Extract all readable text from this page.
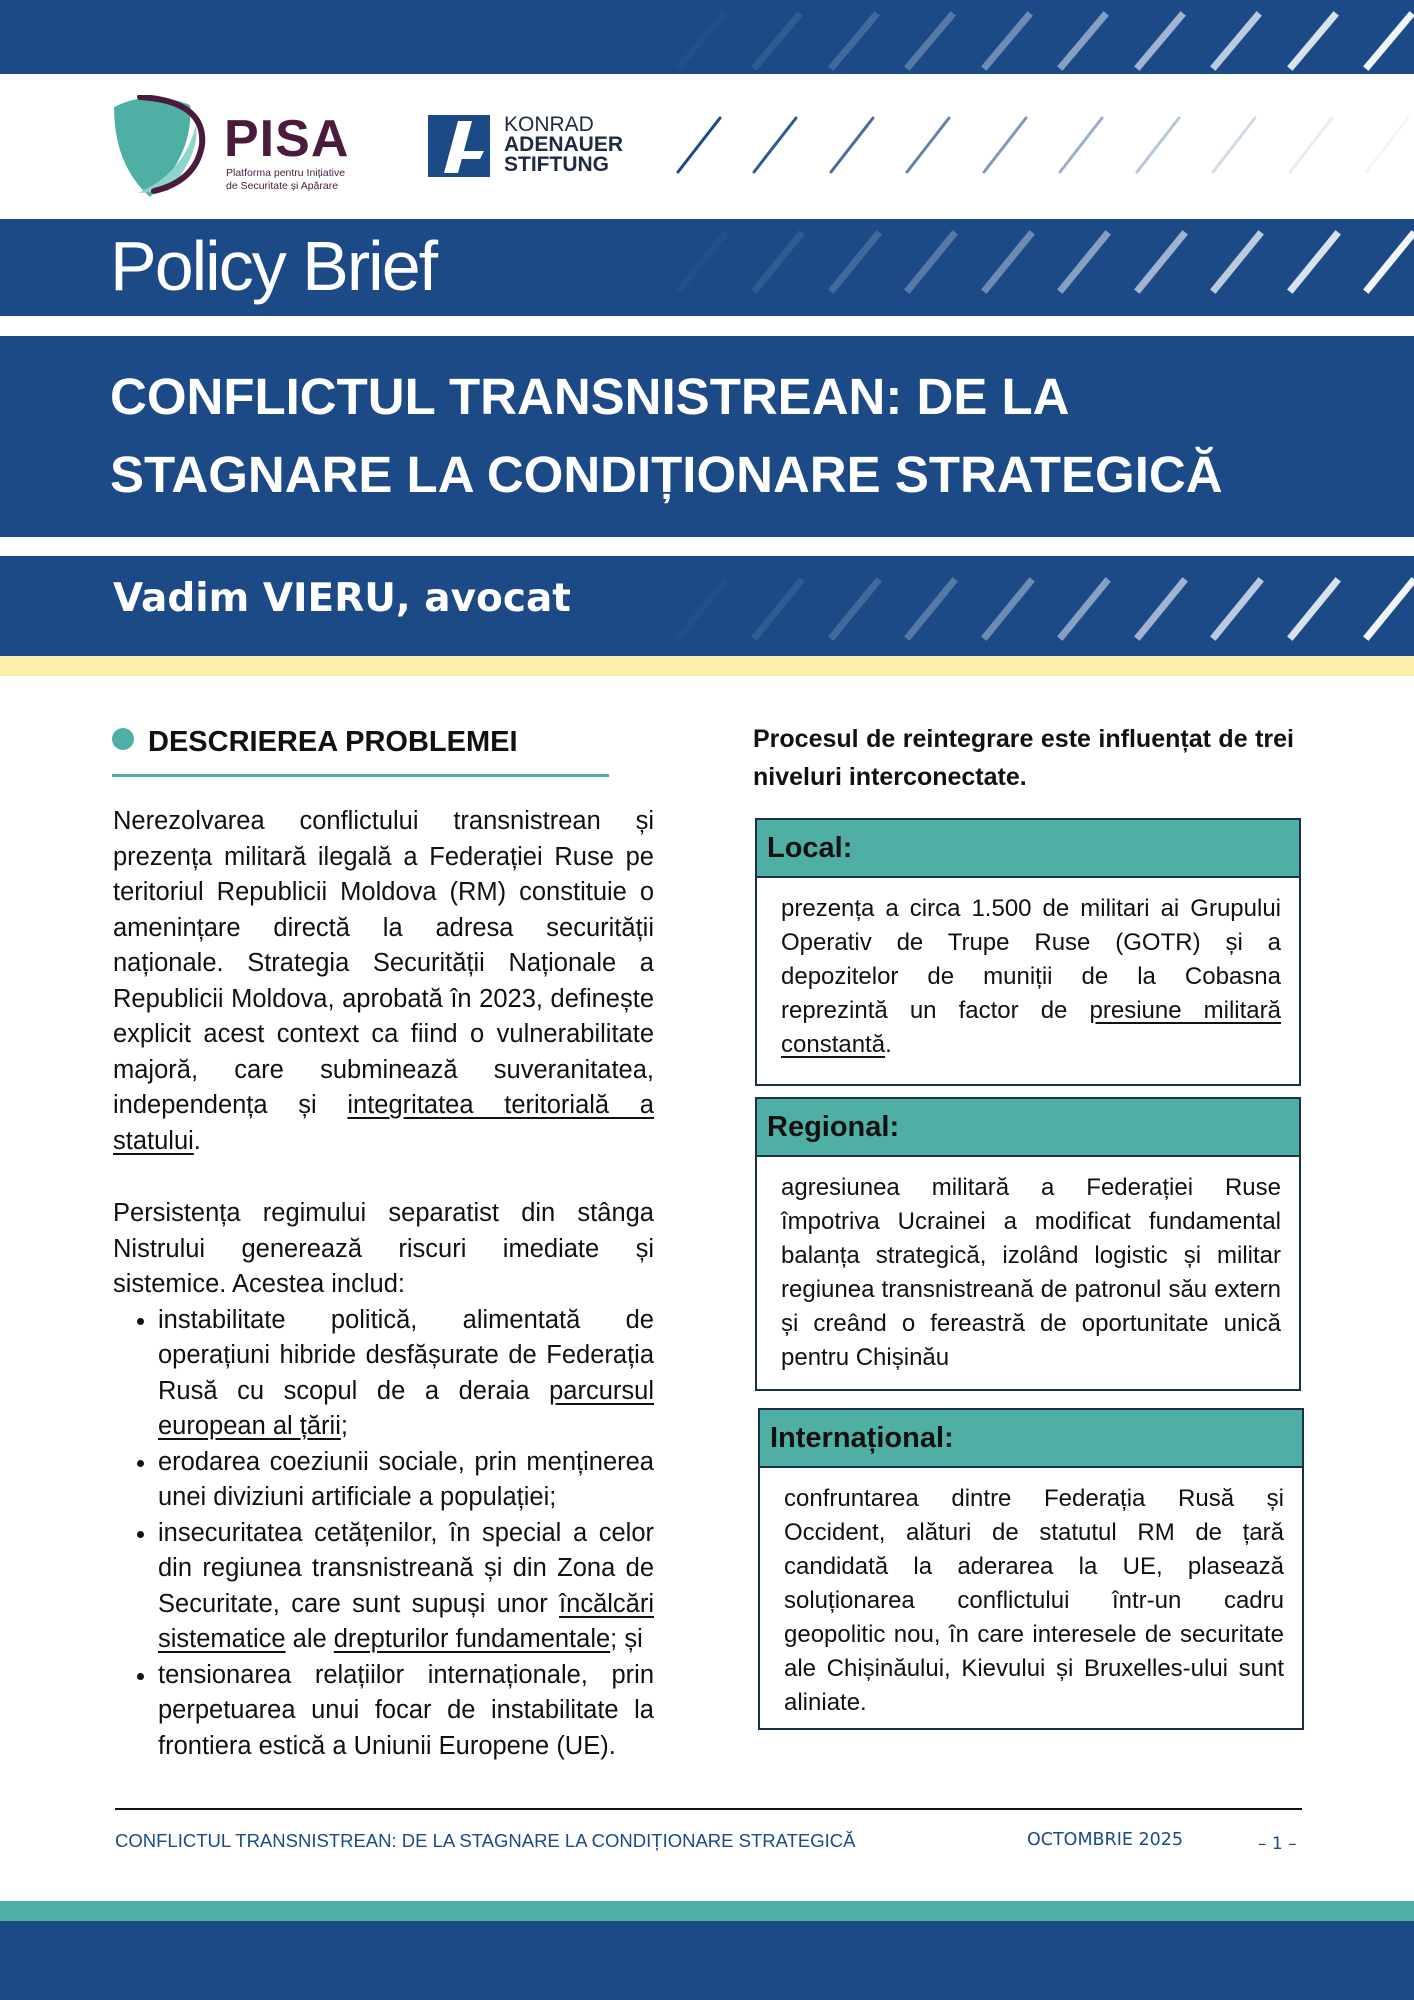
PISA
Platforma pentru Inițiative
de Securitate și Apărare
KONRAD
ADENAUER
STIFTUNG
Policy Brief
CONFLICTUL TRANSNISTREAN: DE LA
STAGNARE LA CONDIȚIONARE STRATEGICĂ
Vadim VIERU, avocat
DESCRIEREA PROBLEMEI
Nerezolvarea conflictului transnistrean și prezența militară ilegală a Federației Ruse pe teritoriul Republicii Moldova (RM) constituie o amenințare directă la adresa securității naționale. Strategia Securității Naționale a Republicii Moldova, aprobată în 2023, definește explicit acest context ca fiind o vulnerabilitate majoră, care subminează suveranitatea, independența și integritatea teritorială a statului.
Persistența regimului separatist din stânga Nistrului generează riscuri imediate și sistemice. Acestea includ:
• instabilitate politică, alimentată de operațiuni hibride desfășurate de Federația Rusă cu scopul de a deraia parcursul european al țării;
• erodarea coeziunii sociale, prin menținerea unei diviziuni artificiale a populației;
• insecuritatea cetățenilor, în special a celor din regiunea transnistreană și din Zona de Securitate, care sunt supuși unor încălcări sistematice ale drepturilor fundamentale; și
• tensionarea relațiilor internaționale, prin perpetuarea unui focar de instabilitate la frontiera estică a Uniunii Europene (UE).
Procesul de reintegrare este influențat de trei niveluri interconectate.
Local:
prezența a circa 1.500 de militari ai Grupului Operativ de Trupe Ruse (GOTR) și a depozitelor de muniții de la Cobasna reprezintă un factor de presiune militară constantă.
Regional:
agresiunea militară a Federației Ruse împotriva Ucrainei a modificat fundamental balanța strategică, izolând logistic și militar regiunea transnistreană de patronul său extern și creând o fereastră de oportunitate unică pentru Chișinău
Internațional:
confruntarea dintre Federația Rusă și Occident, alături de statutul RM de țară candidată la aderarea la UE, plasează soluționarea conflictului într-un cadru geopolitic nou, în care interesele de securitate ale Chișinăului, Kievului și Bruxelles-ului sunt aliniate.
CONFLICTUL TRANSNISTREAN: DE LA STAGNARE LA CONDIȚIONARE STRATEGICĂ	OCTOMBRIE 2025	– 1 –
